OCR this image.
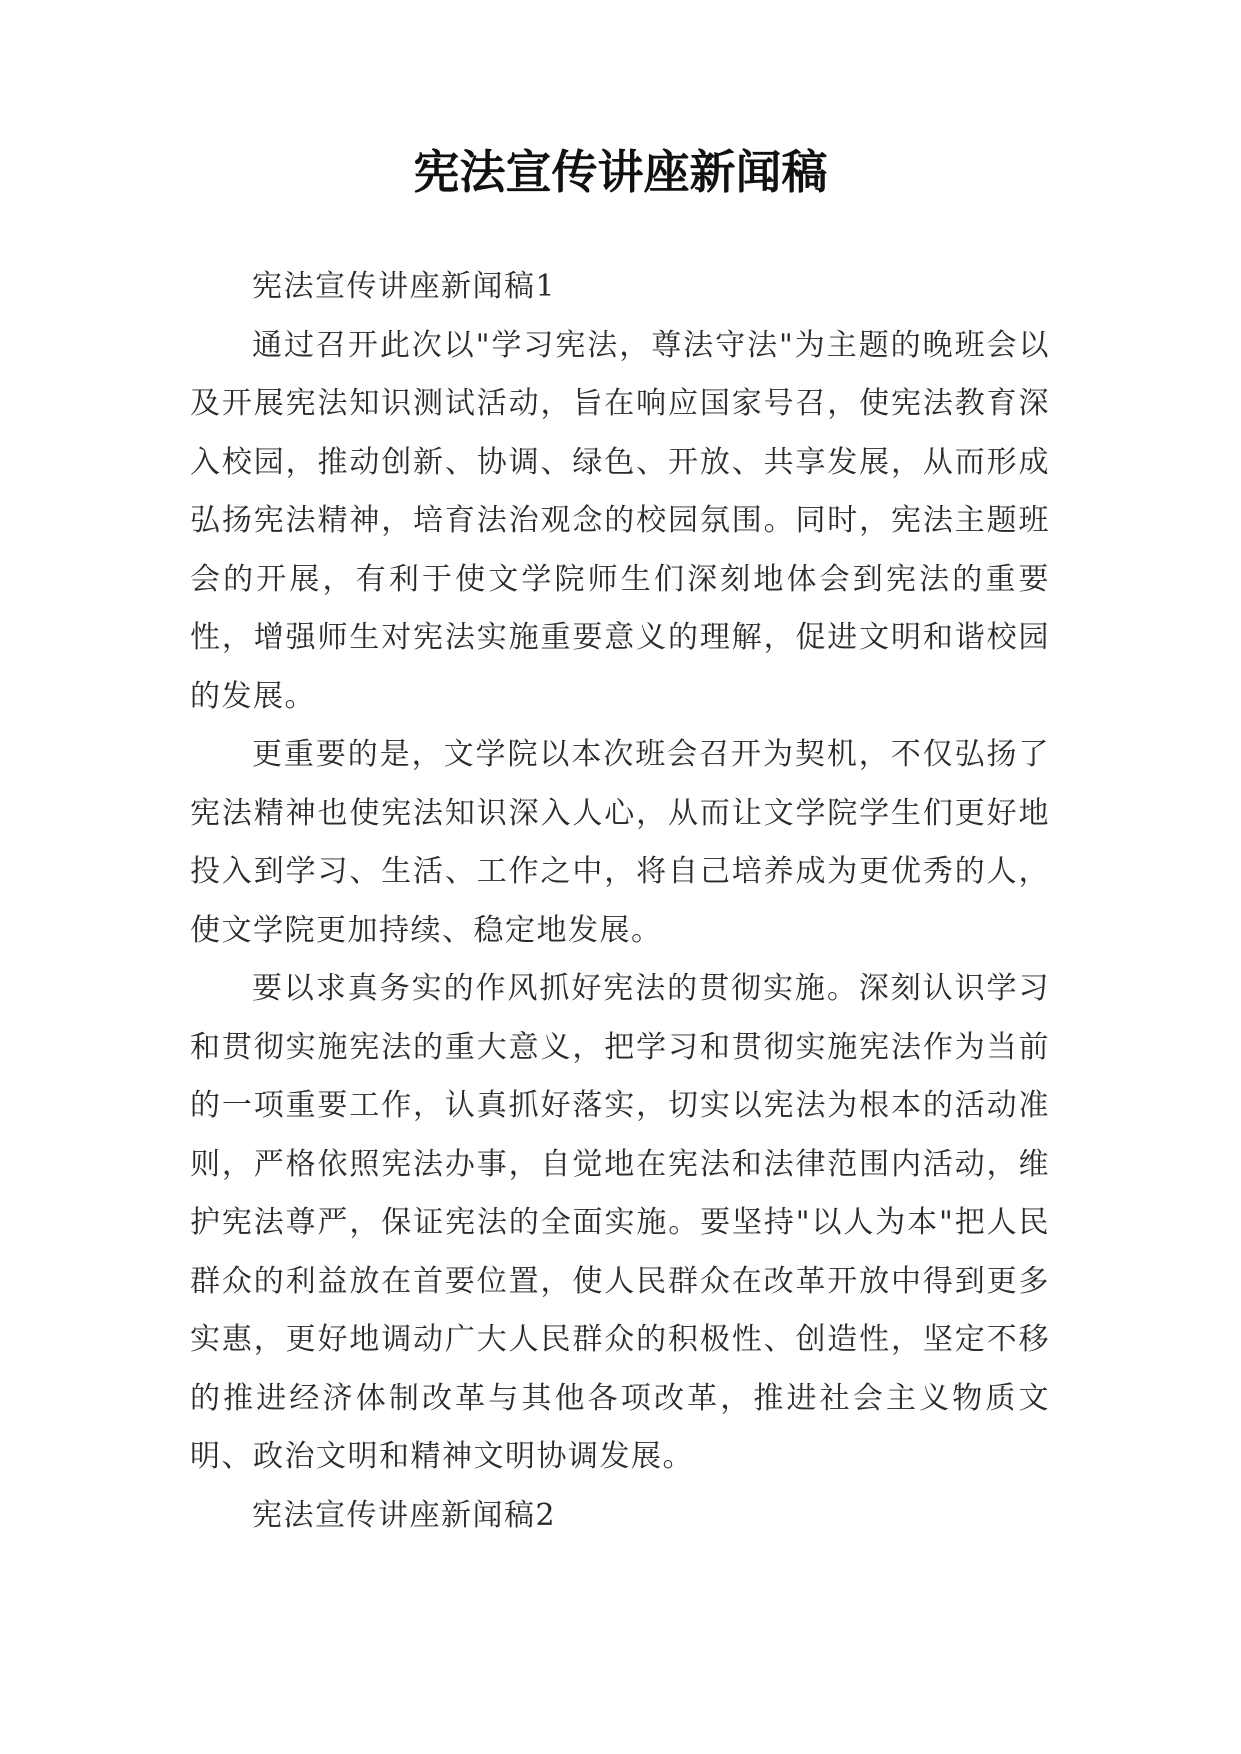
宪法宣传讲座新闻稿

宪法宣传讲座新闻稿1

通过召开此次以"学习宪法，尊法守法"为主题的晚班会以及开展宪法知识测试活动，旨在响应国家号召，使宪法教育深入校园，推动创新、协调、绿色、开放、共享发展，从而形成弘扬宪法精神，培育法治观念的校园氛围。同时，宪法主题班会的开展，有利于使文学院师生们深刻地体会到宪法的重要性，增强师生对宪法实施重要意义的理解，促进文明和谐校园的发展。

更重要的是，文学院以本次班会召开为契机，不仅弘扬了宪法精神也使宪法知识深入人心，从而让文学院学生们更好地投入到学习、生活、工作之中，将自己培养成为更优秀的人，使文学院更加持续、稳定地发展。

要以求真务实的作风抓好宪法的贯彻实施。深刻认识学习和贯彻实施宪法的重大意义，把学习和贯彻实施宪法作为当前的一项重要工作，认真抓好落实，切实以宪法为根本的活动准则，严格依照宪法办事，自觉地在宪法和法律范围内活动，维护宪法尊严，保证宪法的全面实施。要坚持"以人为本"把人民群众的利益放在首要位置，使人民群众在改革开放中得到更多实惠，更好地调动广大人民群众的积极性、创造性，坚定不移的推进经济体制改革与其他各项改革，推进社会主义物质文明、政治文明和精神文明协调发展。

宪法宣传讲座新闻稿2
